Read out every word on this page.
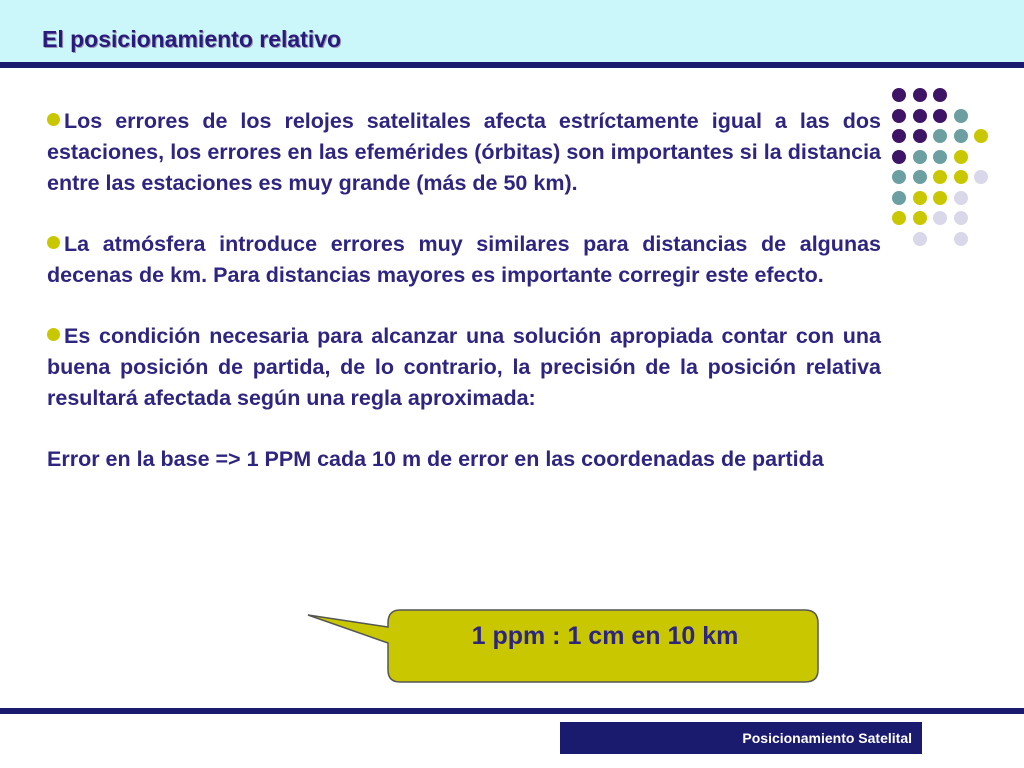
El posicionamiento relativo

Los errores de los relojes satelitales afecta estríctamente igual a las dos estaciones, los errores en las efemérides (órbitas) son importantes si la distancia entre las estaciones es muy grande (más de 50 km).

La atmósfera introduce errores muy similares para distancias de algunas decenas de km. Para distancias mayores es importante corregir este efecto.

Es condición necesaria para alcanzar una solución apropiada contar con una buena posición de partida, de lo contrario, la precisión de la posición relativa resultará afectada según una regla aproximada:

Error en la base => 1 PPM cada 10 m de error en las coordenadas de partida

1 ppm : 1 cm en 10 km
Posicionamiento Satelital
